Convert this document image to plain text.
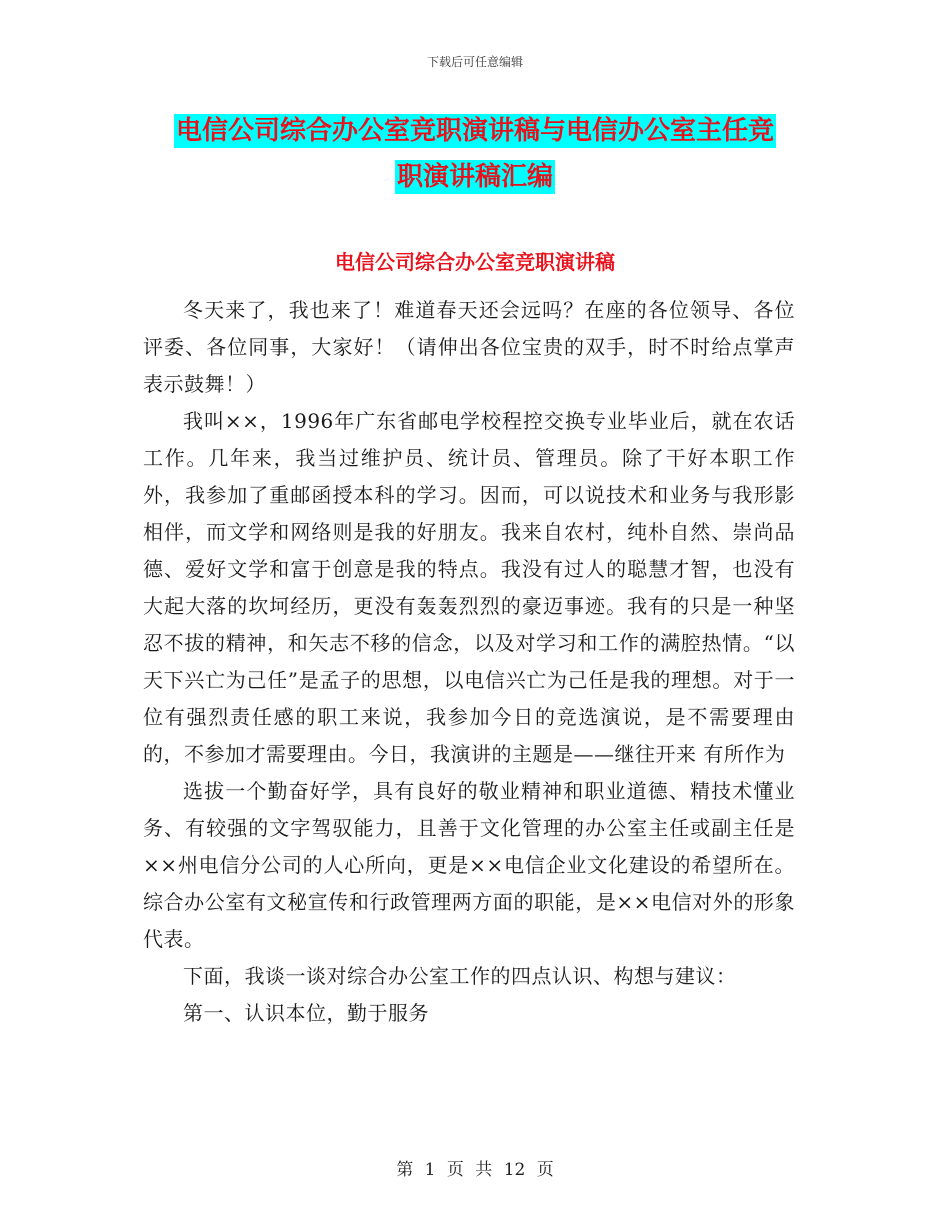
下载后可任意编辑
电信公司综合办公室竞职演讲稿与电信办公室主任竞
职演讲稿汇编
电信公司综合办公室竞职演讲稿

冬天来了，我也来了！难道春天还会远吗？在座的各位领导、各位评委、各位同事，大家好！（请伸出各位宝贵的双手，时不时给点掌声表示鼓舞！）

我叫××，1996年广东省邮电学校程控交换专业毕业后，就在农话工作。几年来，我当过维护员、统计员、管理员。除了干好本职工作外，我参加了重邮函授本科的学习。因而，可以说技术和业务与我形影相伴，而文学和网络则是我的好朋友。我来自农村，纯朴自然、崇尚品德、爱好文学和富于创意是我的特点。我没有过人的聪慧才智，也没有大起大落的坎坷经历，更没有轰轰烈烈的豪迈事迹。我有的只是一种坚忍不拔的精神，和矢志不移的信念，以及对学习和工作的满腔热情。“以天下兴亡为己任”是孟子的思想，以电信兴亡为己任是我的理想。对于一位有强烈责任感的职工来说，我参加今日的竞选演说，是不需要理由的，不参加才需要理由。今日，我演讲的主题是——继往开来 有所作为

选拔一个勤奋好学，具有良好的敬业精神和职业道德、精技术懂业务、有较强的文字驾驭能力，且善于文化管理的办公室主任或副主任是××州电信分公司的人心所向，更是××电信企业文化建设的希望所在。综合办公室有文秘宣传和行政管理两方面的职能，是××电信对外的形象代表。

下面，我谈一谈对综合办公室工作的四点认识、构想与建议：

第一、认识本位，勤于服务

第 1 页 共 12 页
